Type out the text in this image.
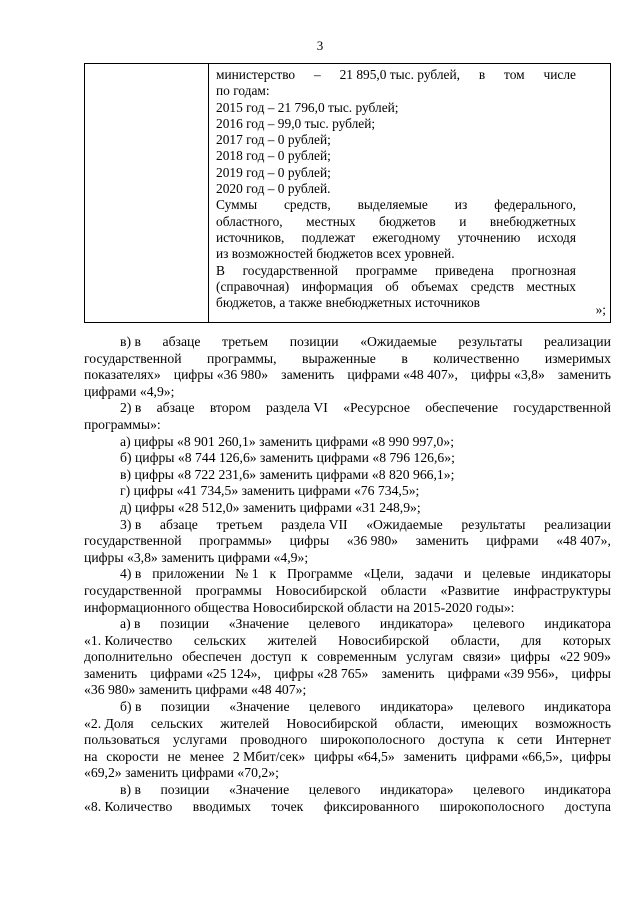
3
министерство – 21 895,0 тыс. рублей, в том числе
по годам:
2015 год – 21 796,0 тыс. рублей;
2016 год – 99,0 тыс. рублей;
2017 год – 0 рублей;
2018 год – 0 рублей;
2019 год – 0 рублей;
2020 год – 0 рублей.
Суммы средств, выделяемые из федерального,
областного, местных бюджетов и внебюджетных
источников, подлежат ежегодному уточнению исходя
из возможностей бюджетов всех уровней.
В государственной программе приведена прогнозная
(справочная) информация об объемах средств местных
бюджетов, а также внебюджетных источников	»;
в) в абзаце третьем позиции «Ожидаемые результаты реализации
государственной программы, выраженные в количественно измеримых
показателях» цифры «36 980» заменить цифрами «48 407», цифры «3,8» заменить
цифрами «4,9»;
2) в абзаце втором раздела VI «Ресурсное обеспечение государственной
программы»:
а) цифры «8 901 260,1» заменить цифрами «8 990 997,0»;
б) цифры «8 744 126,6» заменить цифрами «8 796 126,6»;
в) цифры «8 722 231,6» заменить цифрами «8 820 966,1»;
г) цифры «41 734,5» заменить цифрами «76 734,5»;
д) цифры «28 512,0» заменить цифрами «31 248,9»;
3) в абзаце третьем раздела VII «Ожидаемые результаты реализации
государственной программы» цифры «36 980» заменить цифрами «48 407»,
цифры «3,8» заменить цифрами «4,9»;
4) в приложении № 1 к Программе «Цели, задачи и целевые индикаторы
государственной программы Новосибирской области «Развитие инфраструктуры
информационного общества Новосибирской области на 2015-2020 годы»:
а) в позиции «Значение целевого индикатора» целевого индикатора
«1. Количество сельских жителей Новосибирской области, для которых
дополнительно обеспечен доступ к современным услугам связи» цифры «22 909»
заменить цифрами «25 124», цифры «28 765» заменить цифрами «39 956», цифры
«36 980» заменить цифрами «48 407»;
б) в позиции «Значение целевого индикатора» целевого индикатора
«2. Доля сельских жителей Новосибирской области, имеющих возможность
пользоваться услугами проводного широкополосного доступа к сети Интернет
на скорости не менее 2 Мбит/сек» цифры «64,5» заменить цифрами «66,5», цифры
«69,2» заменить цифрами «70,2»;
в) в позиции «Значение целевого индикатора» целевого индикатора
«8. Количество вводимых точек фиксированного широкополосного доступа
